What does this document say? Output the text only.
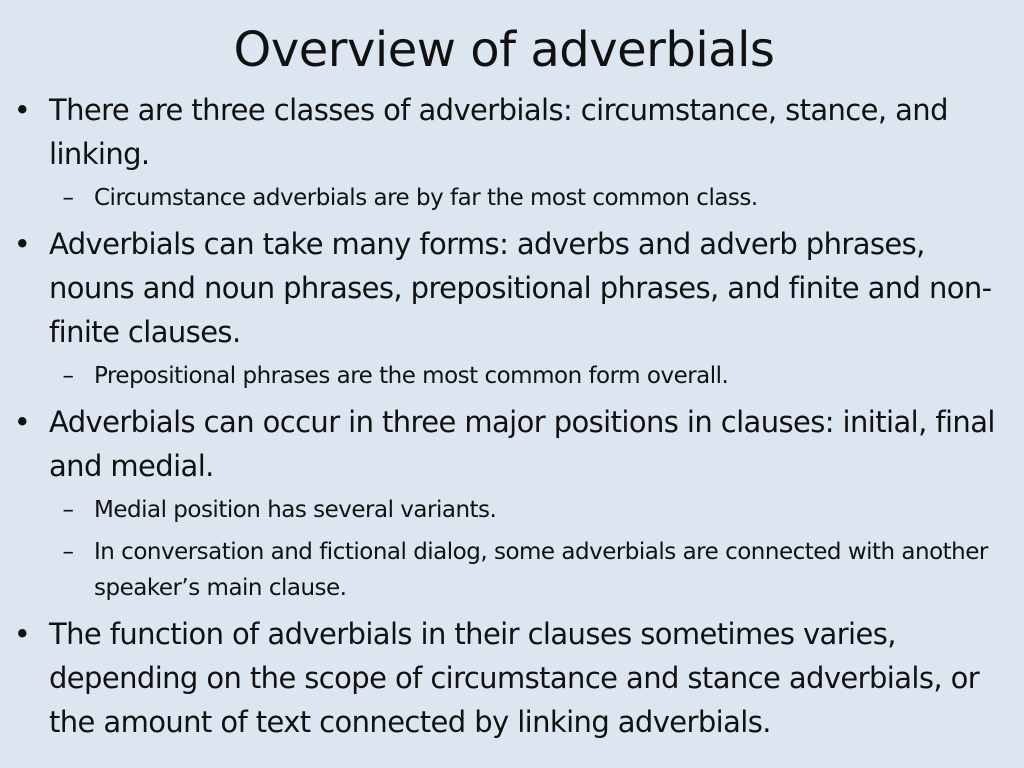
Overview of adverbials
• There are three classes of adverbials: circumstance, stance, and linking.
– Circumstance adverbials are by far the most common class.
• Adverbials can take many forms: adverbs and adverb phrases, nouns and noun phrases, prepositional phrases, and finite and non-finite clauses.
– Prepositional phrases are the most common form overall.
• Adverbials can occur in three major positions in clauses: initial, final and medial.
– Medial position has several variants.
– In conversation and fictional dialog, some adverbials are connected with another speaker’s main clause.
• The function of adverbials in their clauses sometimes varies, depending on the scope of circumstance and stance adverbials, or the amount of text connected by linking adverbials.
